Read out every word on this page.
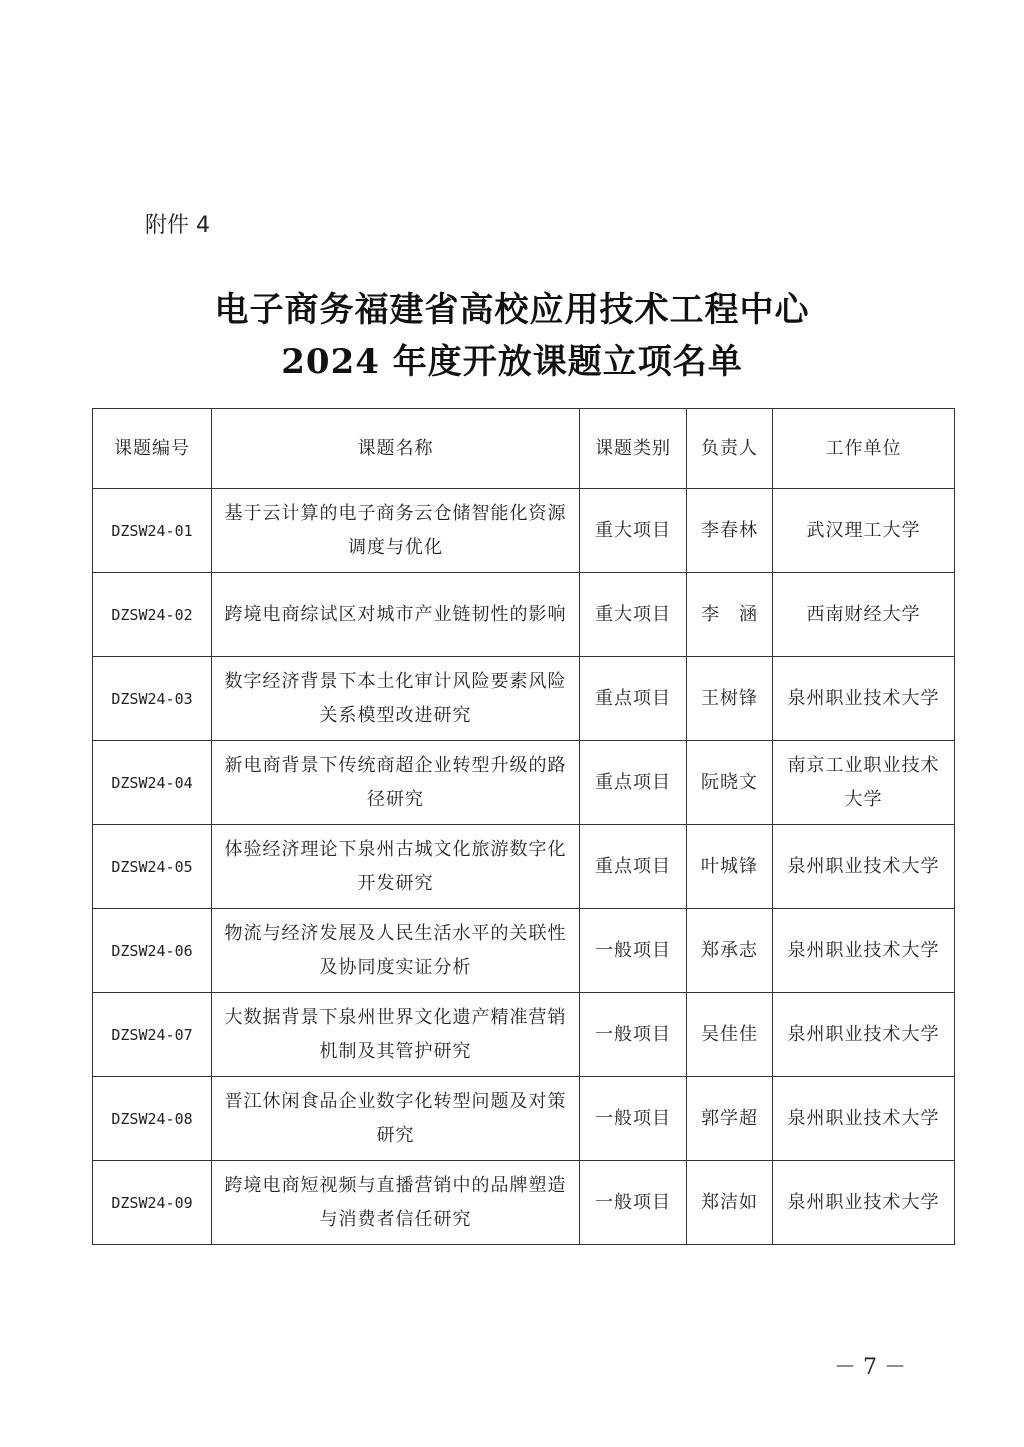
附件 4
电子商务福建省高校应用技术工程中心
2024 年度开放课题立项名单
课题编号	课题名称	课题类别	负责人	工作单位
DZSW24-01	基于云计算的电子商务云仓储智能化资源调度与优化	重大项目	李春林	武汉理工大学
DZSW24-02	跨境电商综试区对城市产业链韧性的影响	重大项目	李　涵	西南财经大学
DZSW24-03	数字经济背景下本土化审计风险要素风险关系模型改进研究	重点项目	王树锋	泉州职业技术大学
DZSW24-04	新电商背景下传统商超企业转型升级的路径研究	重点项目	阮晓文	南京工业职业技术大学
DZSW24-05	体验经济理论下泉州古城文化旅游数字化开发研究	重点项目	叶城锋	泉州职业技术大学
DZSW24-06	物流与经济发展及人民生活水平的关联性及协同度实证分析	一般项目	郑承志	泉州职业技术大学
DZSW24-07	大数据背景下泉州世界文化遗产精准营销机制及其管护研究	一般项目	吴佳佳	泉州职业技术大学
DZSW24-08	晋江休闲食品企业数字化转型问题及对策研究	一般项目	郭学超	泉州职业技术大学
DZSW24-09	跨境电商短视频与直播营销中的品牌塑造与消费者信任研究	一般项目	郑洁如	泉州职业技术大学
－ 7 －
